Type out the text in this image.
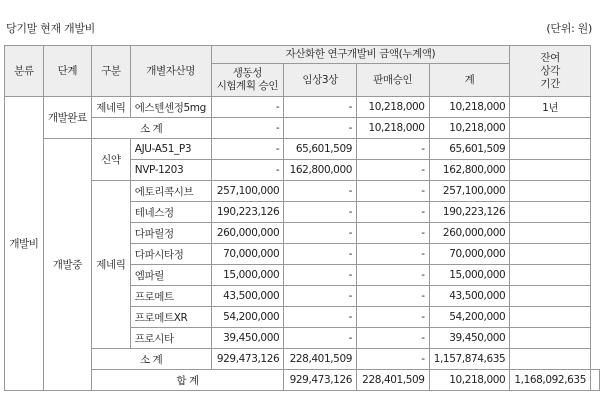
당기말 현재 개발비	(단위: 원)
분류	단계	구분	개별자산명	자산화한 연구개발비 금액(누계액)				잔여
상각
기간	
				생동성
시험계획 승인	임상3상	판매승인	계		
개발비	개발완료	제네릭	에스텐센정5mg	-	-	10,218,000	10,218,000	1년	
		소 계		-	-	10,218,000	10,218,000		
	개발중	신약	AJU-A51_P3	-	65,601,509	-	65,601,509		
			NVP-1203	-	162,800,000	-	162,800,000		
		제네릭	에토리콕시브	257,100,000	-	-	257,100,000		
			테네스정	190,223,126	-	-	190,223,126		
			다파릴정	260,000,000	-	-	260,000,000		
			다파시타정	70,000,000	-	-	70,000,000		
			엠파릴	15,000,000	-	-	15,000,000		
			프로메트	43,500,000	-	-	43,500,000		
			프로메트XR	54,200,000	-	-	54,200,000		
			프로시타	39,450,000	-	-	39,450,000		
		소 계		929,473,126	228,401,509	-	1,157,874,635		
		합 계			929,473,126	228,401,509	10,218,000	1,168,092,635	
